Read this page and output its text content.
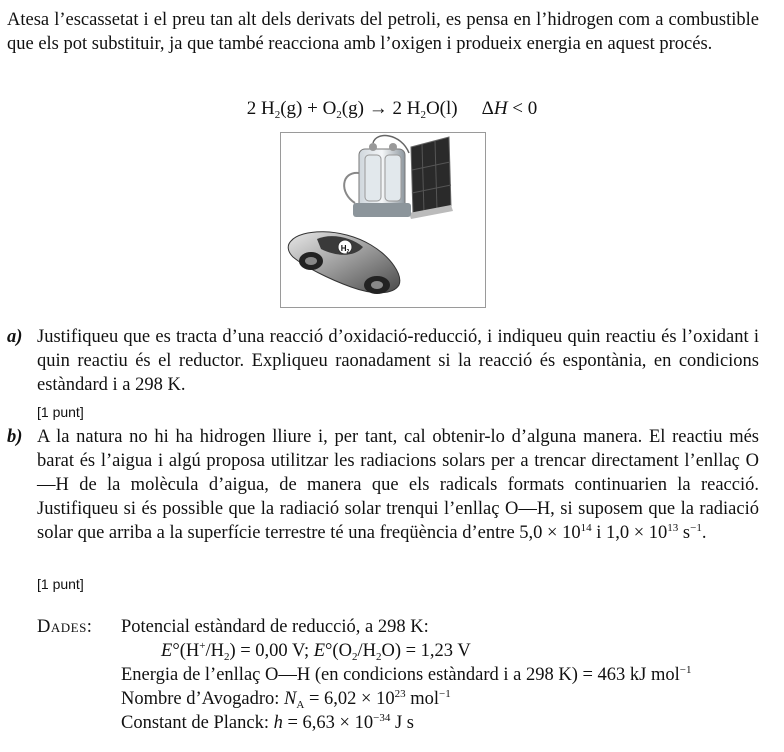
Atesa l’escassetat i el preu tan alt dels derivats del petroli, es pensa en l’hidrogen com a combustible que els pot substituir, ja que també reacciona amb l’oxigen i produeix energia en aquest procés.

2 $H_2(g) + O_2(g) \to 2$ $H_2O(l) \Delta H < 0$
$H_2$
a) Justifiqueu que es tracta d’una reacció d’oxidació-reducció, i indiqueu quin reactiu és l’oxidant i quin reactiu és el reductor. Expliqueu raonadament si la reacció és espontània, en condicions estàndard i a 298 K.
[1 punt]
b) A la natura no hi ha hidrogen lliure i, per tant, cal obtenir-lo d’alguna manera. El reactiu més barat és l’aigua i algú proposa utilitzar les radiacions solars per a trencar directament l’enllaç O—H de la molècula d’aigua, de manera que els radicals formats continuarien la reacció. Justifiqueu si és possible que la radiació solar trenqui l’enllaç O—H, si suposem que la radiació solar que arriba a la superfície terrestre té una freqüència d’entre $5,0 \times 10^{14}$ i $1,0 \times 10^{13}$ $s^{-1}$.
[1 punt]
Dades: Potencial estàndard de reducció, a 298 K:
$E^\circ(H^+/H_2) = 0,00$ V; $E^\circ(O_2/H_2O) = 1,23$ V
Energia de l’enllaç O—H (en condicions estàndard i a 298 K) = 463 kJ mol$^{-1}$
Nombre d’Avogadro: $N_A = 6,02 \times 10^{23}$ mol$^{-1}$
Constant de Planck: $h = 6,63 \times 10^{-34}$ J s
